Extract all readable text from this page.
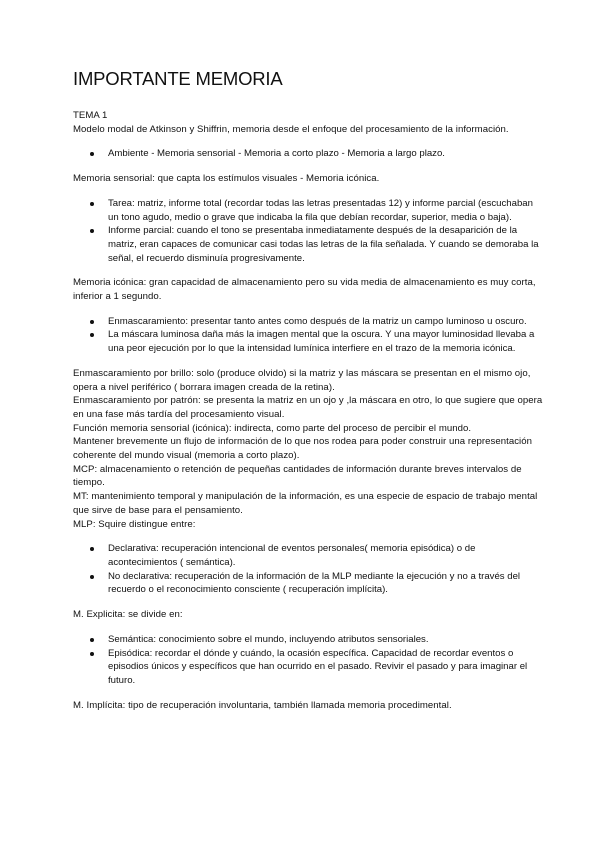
IMPORTANTE MEMORIA

TEMA 1

Modelo modal de Atkinson y Shiffrin, memoria desde el enfoque del procesamiento de la información.

Ambiente - Memoria sensorial - Memoria a corto plazo - Memoria a largo plazo.

Memoria sensorial: que capta los estímulos visuales - Memoria icónica.

Tarea: matriz, informe total (recordar todas las letras presentadas 12) y informe parcial (escuchaban un tono agudo, medio o grave que indicaba la fila que debían recordar, superior, media o baja).
Informe parcial: cuando el tono se presentaba inmediatamente después de la desaparición de la matriz, eran capaces de comunicar casi todas las letras de la fila señalada. Y cuando se demoraba la señal, el recuerdo disminuía progresivamente.

Memoria icónica: gran capacidad de almacenamiento pero su vida media de almacenamiento es muy corta, inferior a 1 segundo.

Enmascaramiento: presentar tanto antes como después de la matriz un campo luminoso u oscuro.
La máscara luminosa daña más la imagen mental que la oscura. Y una mayor luminosidad llevaba a una peor ejecución por lo que la intensidad lumínica interfiere en el trazo de la memoria icónica.

Enmascaramiento por brillo: solo (produce olvido) si la matriz y las máscara se presentan en el mismo ojo, opera a nivel periférico ( borrara imagen creada de la retina).

Enmascaramiento por patrón: se presenta la matriz en un ojo y ,la máscara en otro, lo que sugiere que opera en una fase más tardía del procesamiento visual.

Función memoria sensorial (icónica): indirecta, como parte del proceso de percibir el mundo.

Mantener brevemente un flujo de información de lo que nos rodea para poder construir una representación coherente del mundo visual (memoria a corto plazo).

MCP: almacenamiento o retención de pequeñas cantidades de información durante breves intervalos de tiempo.

MT: mantenimiento temporal y manipulación de la información, es una especie de espacio de trabajo mental que sirve de base para el pensamiento.

MLP: Squire distingue entre:

Declarativa: recuperación intencional de eventos personales( memoria episódica) o de acontecimientos ( semántica).
No declarativa: recuperación de la información de la MLP mediante la ejecución y no a través del recuerdo o el reconocimiento consciente ( recuperación implícita).

M. Explicita: se divide en:

Semántica: conocimiento sobre el mundo, incluyendo atributos sensoriales.
Episódica: recordar el dónde y cuándo, la ocasión específica. Capacidad de recordar eventos o episodios únicos y específicos que han ocurrido en el pasado. Revivir el pasado y para imaginar el futuro.

M. Implícita: tipo de recuperación involuntaria, también llamada memoria procedimental.
